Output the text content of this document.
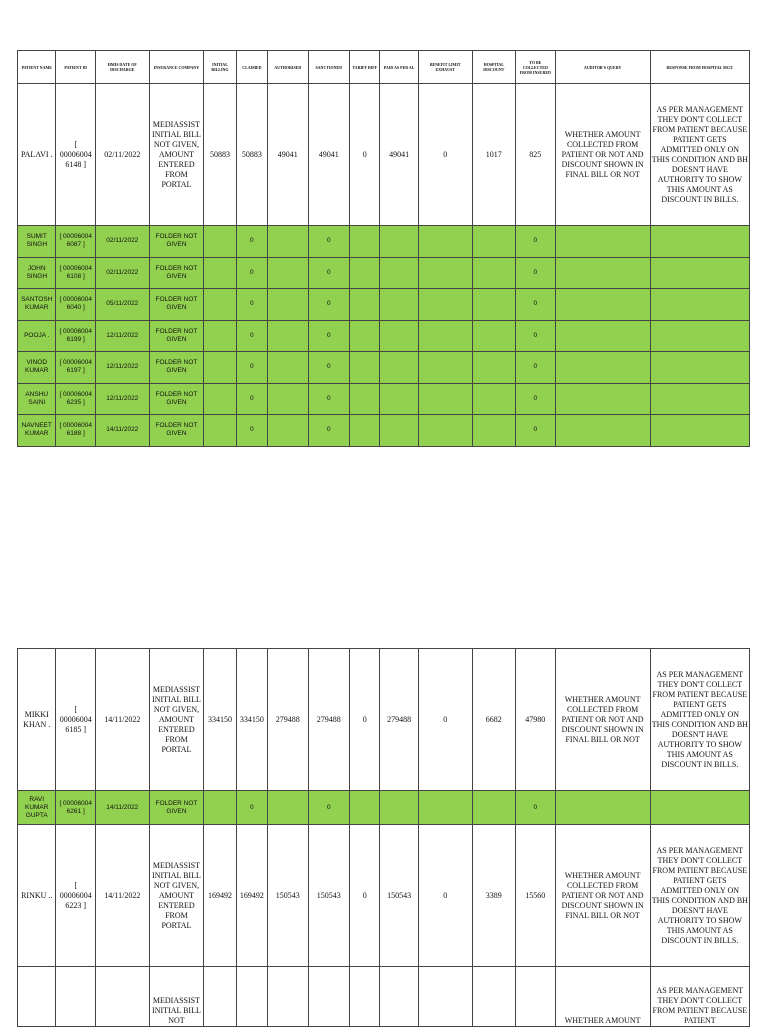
PATIENT NAME	PATIENT ID	HMIS DATE OF DISCHARGE	INSURANCE COMPANY	INITIAL BILLING	CLAIMED	AUTHORISED	SANCTIONED	TARIFF DIFF	PAID AS PER AL	BENEFIT LIMIT EXHAUST	HOSPITAL DISCOUNT	TO BE COLLECTED FROM INSURED	AUDITOR'S QUERY	RESPONSE FROM HOSPITAL MGT.
PALAVI .	[ 00006004 6148 ]	02/11/2022	MEDIASSIST INITIAL BILL NOT GIVEN, AMOUNT ENTERED FROM PORTAL	50883	50883	49041	49041	0	49041	0	1017	825	WHETHER AMOUNT COLLECTED FROM PATIENT OR NOT AND DISCOUNT SHOWN IN FINAL BILL OR NOT	AS PER MANAGEMENT THEY DON'T COLLECT FROM PATIENT BECAUSE PATIENT GETS ADMITTED ONLY ON THIS CONDITION AND BH DOESN'T HAVE AUTHORITY TO SHOW THIS AMOUNT AS DISCOUNT IN BILLS.
SUMIT SINGH	[ 00006004 6087 ]	02/11/2022	FOLDER NOT GIVEN		0		0					0		
JOHN SINGH	[ 00006004 6108 ]	02/11/2022	FOLDER NOT GIVEN		0		0					0		
SANTOSH KUMAR	[ 00006004 6040 ]	05/11/2022	FOLDER NOT GIVEN		0		0					0		
POOJA .	[ 00006004 6199 ]	12/11/2022	FOLDER NOT GIVEN		0		0					0		
VINOD KUMAR	[ 00006004 6197 ]	12/11/2022	FOLDER NOT GIVEN		0		0					0		
ANSHU SAINI	[ 00006004 6235 ]	12/11/2022	FOLDER NOT GIVEN		0		0					0		
NAVNEET KUMAR	[ 00006004 6188 ]	14/11/2022	FOLDER NOT GIVEN		0		0					0		
MIKKI KHAN .	[ 00006004 6185 ]	14/11/2022	MEDIASSIST INITIAL BILL NOT GIVEN, AMOUNT ENTERED FROM PORTAL	334150	334150	279488	279488	0	279488	0	6682	47980	WHETHER AMOUNT COLLECTED FROM PATIENT OR NOT AND DISCOUNT SHOWN IN FINAL BILL OR NOT	AS PER MANAGEMENT THEY DON'T COLLECT FROM PATIENT BECAUSE PATIENT GETS ADMITTED ONLY ON THIS CONDITION AND BH DOESN'T HAVE AUTHORITY TO SHOW THIS AMOUNT AS DISCOUNT IN BILLS.
RAVI KUMAR GUPTA	[ 00006004 6261 ]	14/11/2022	FOLDER NOT GIVEN		0		0					0		
RINKU ..	[ 00006004 6223 ]	14/11/2022	MEDIASSIST INITIAL BILL NOT GIVEN, AMOUNT ENTERED FROM PORTAL	169492	169492	150543	150543	0	150543	0	3389	15560	WHETHER AMOUNT COLLECTED FROM PATIENT OR NOT AND DISCOUNT SHOWN IN FINAL BILL OR NOT	AS PER MANAGEMENT THEY DON'T COLLECT FROM PATIENT BECAUSE PATIENT GETS ADMITTED ONLY ON THIS CONDITION AND BH DOESN'T HAVE AUTHORITY TO SHOW THIS AMOUNT AS DISCOUNT IN BILLS.
			MEDIASSIST INITIAL BILL NOT										WHETHER AMOUNT	AS PER MANAGEMENT THEY DON'T COLLECT FROM PATIENT BECAUSE PATIENT
